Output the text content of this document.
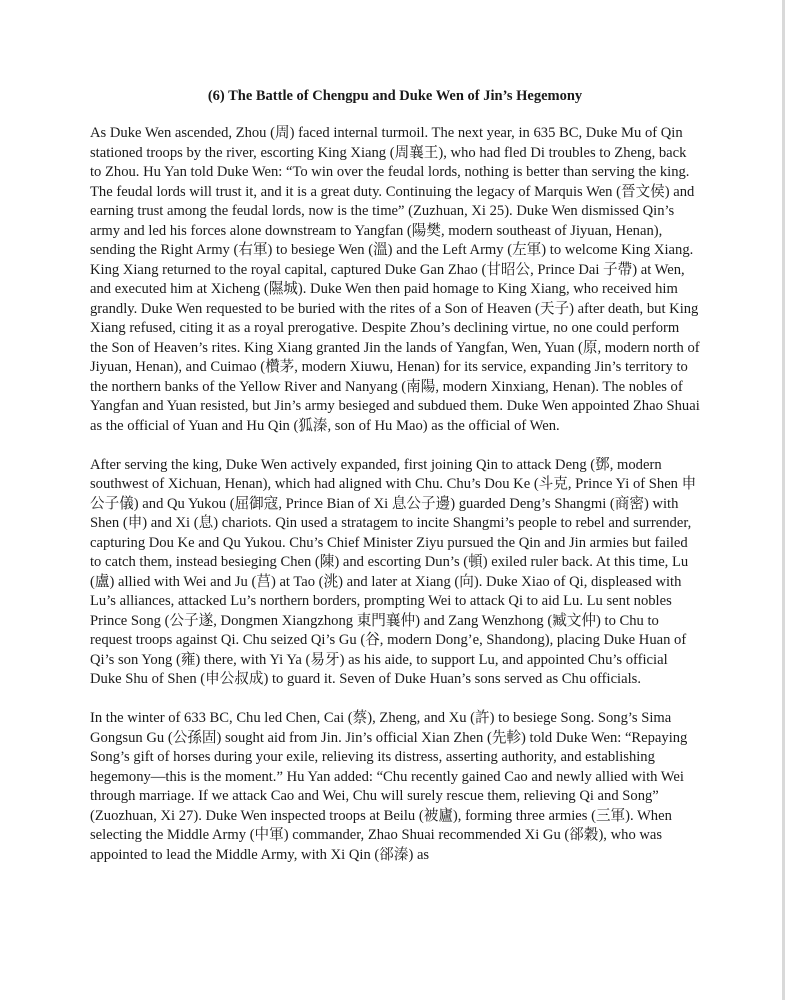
(6) The Battle of Chengpu and Duke Wen of Jin’s Hegemony

As Duke Wen ascended, Zhou (周) faced internal turmoil. The next year, in 635 BC, Duke Mu of Qin stationed troops by the river, escorting King Xiang (周襄王), who had fled Di troubles to Zheng, back to Zhou. Hu Yan told Duke Wen: “To win over the feudal lords, nothing is better than serving the king. The feudal lords will trust it, and it is a great duty. Continuing the legacy of Marquis Wen (晉文侯) and earning trust among the feudal lords, now is the time” (Zuzhuan, Xi 25). Duke Wen dismissed Qin’s army and led his forces alone downstream to Yangfan (陽樊, modern southeast of Jiyuan, Henan), sending the Right Army (右軍) to besiege Wen (溫) and the Left Army (左軍) to welcome King Xiang. King Xiang returned to the royal capital, captured Duke Gan Zhao (甘昭公, Prince Dai 子帶) at Wen, and executed him at Xicheng (隰城). Duke Wen then paid homage to King Xiang, who received him grandly. Duke Wen requested to be buried with the rites of a Son of Heaven (天子) after death, but King Xiang refused, citing it as a royal prerogative. Despite Zhou’s declining virtue, no one could perform the Son of Heaven’s rites. King Xiang granted Jin the lands of Yangfan, Wen, Yuan (原, modern north of Jiyuan, Henan), and Cuimao (欑茅, modern Xiuwu, Henan) for its service, expanding Jin’s territory to the northern banks of the Yellow River and Nanyang (南陽, modern Xinxiang, Henan). The nobles of Yangfan and Yuan resisted, but Jin’s army besieged and subdued them. Duke Wen appointed Zhao Shuai as the official of Yuan and Hu Qin (狐溱, son of Hu Mao) as the official of Wen.

After serving the king, Duke Wen actively expanded, first joining Qin to attack Deng (鄧, modern southwest of Xichuan, Henan), which had aligned with Chu. Chu’s Dou Ke (斗克, Prince Yi of Shen 申公子儀) and Qu Yukou (屈御寇, Prince Bian of Xi 息公子邊) guarded Deng’s Shangmi (商密) with Shen (申) and Xi (息) chariots. Qin used a stratagem to incite Shangmi’s people to rebel and surrender, capturing Dou Ke and Qu Yukou. Chu’s Chief Minister Ziyu pursued the Qin and Jin armies but failed to catch them, instead besieging Chen (陳) and escorting Dun’s (頓) exiled ruler back. At this time, Lu (盧) allied with Wei and Ju (莒) at Tao (洮) and later at Xiang (向). Duke Xiao of Qi, displeased with Lu’s alliances, attacked Lu’s northern borders, prompting Wei to attack Qi to aid Lu. Lu sent nobles Prince Song (公子遂, Dongmen Xiangzhong 東門襄仲) and Zang Wenzhong (臧文仲) to Chu to request troops against Qi. Chu seized Qi’s Gu (谷, modern Dong’e, Shandong), placing Duke Huan of Qi’s son Yong (雍) there, with Yi Ya (易牙) as his aide, to support Lu, and appointed Chu’s official Duke Shu of Shen (申公叔成) to guard it. Seven of Duke Huan’s sons served as Chu officials.

In the winter of 633 BC, Chu led Chen, Cai (蔡), Zheng, and Xu (許) to besiege Song. Song’s Sima Gongsun Gu (公孫固) sought aid from Jin. Jin’s official Xian Zhen (先軫) told Duke Wen: “Repaying Song’s gift of horses during your exile, relieving its distress, asserting authority, and establishing hegemony—this is the moment.” Hu Yan added: “Chu recently gained Cao and newly allied with Wei through marriage. If we attack Cao and Wei, Chu will surely rescue them, relieving Qi and Song” (Zuozhuan, Xi 27). Duke Wen inspected troops at Beilu (被廬), forming three armies (三軍). When selecting the Middle Army (中軍) commander, Zhao Shuai recommended Xi Gu (郤穀), who was appointed to lead the Middle Army, with Xi Qin (郤溱) as
